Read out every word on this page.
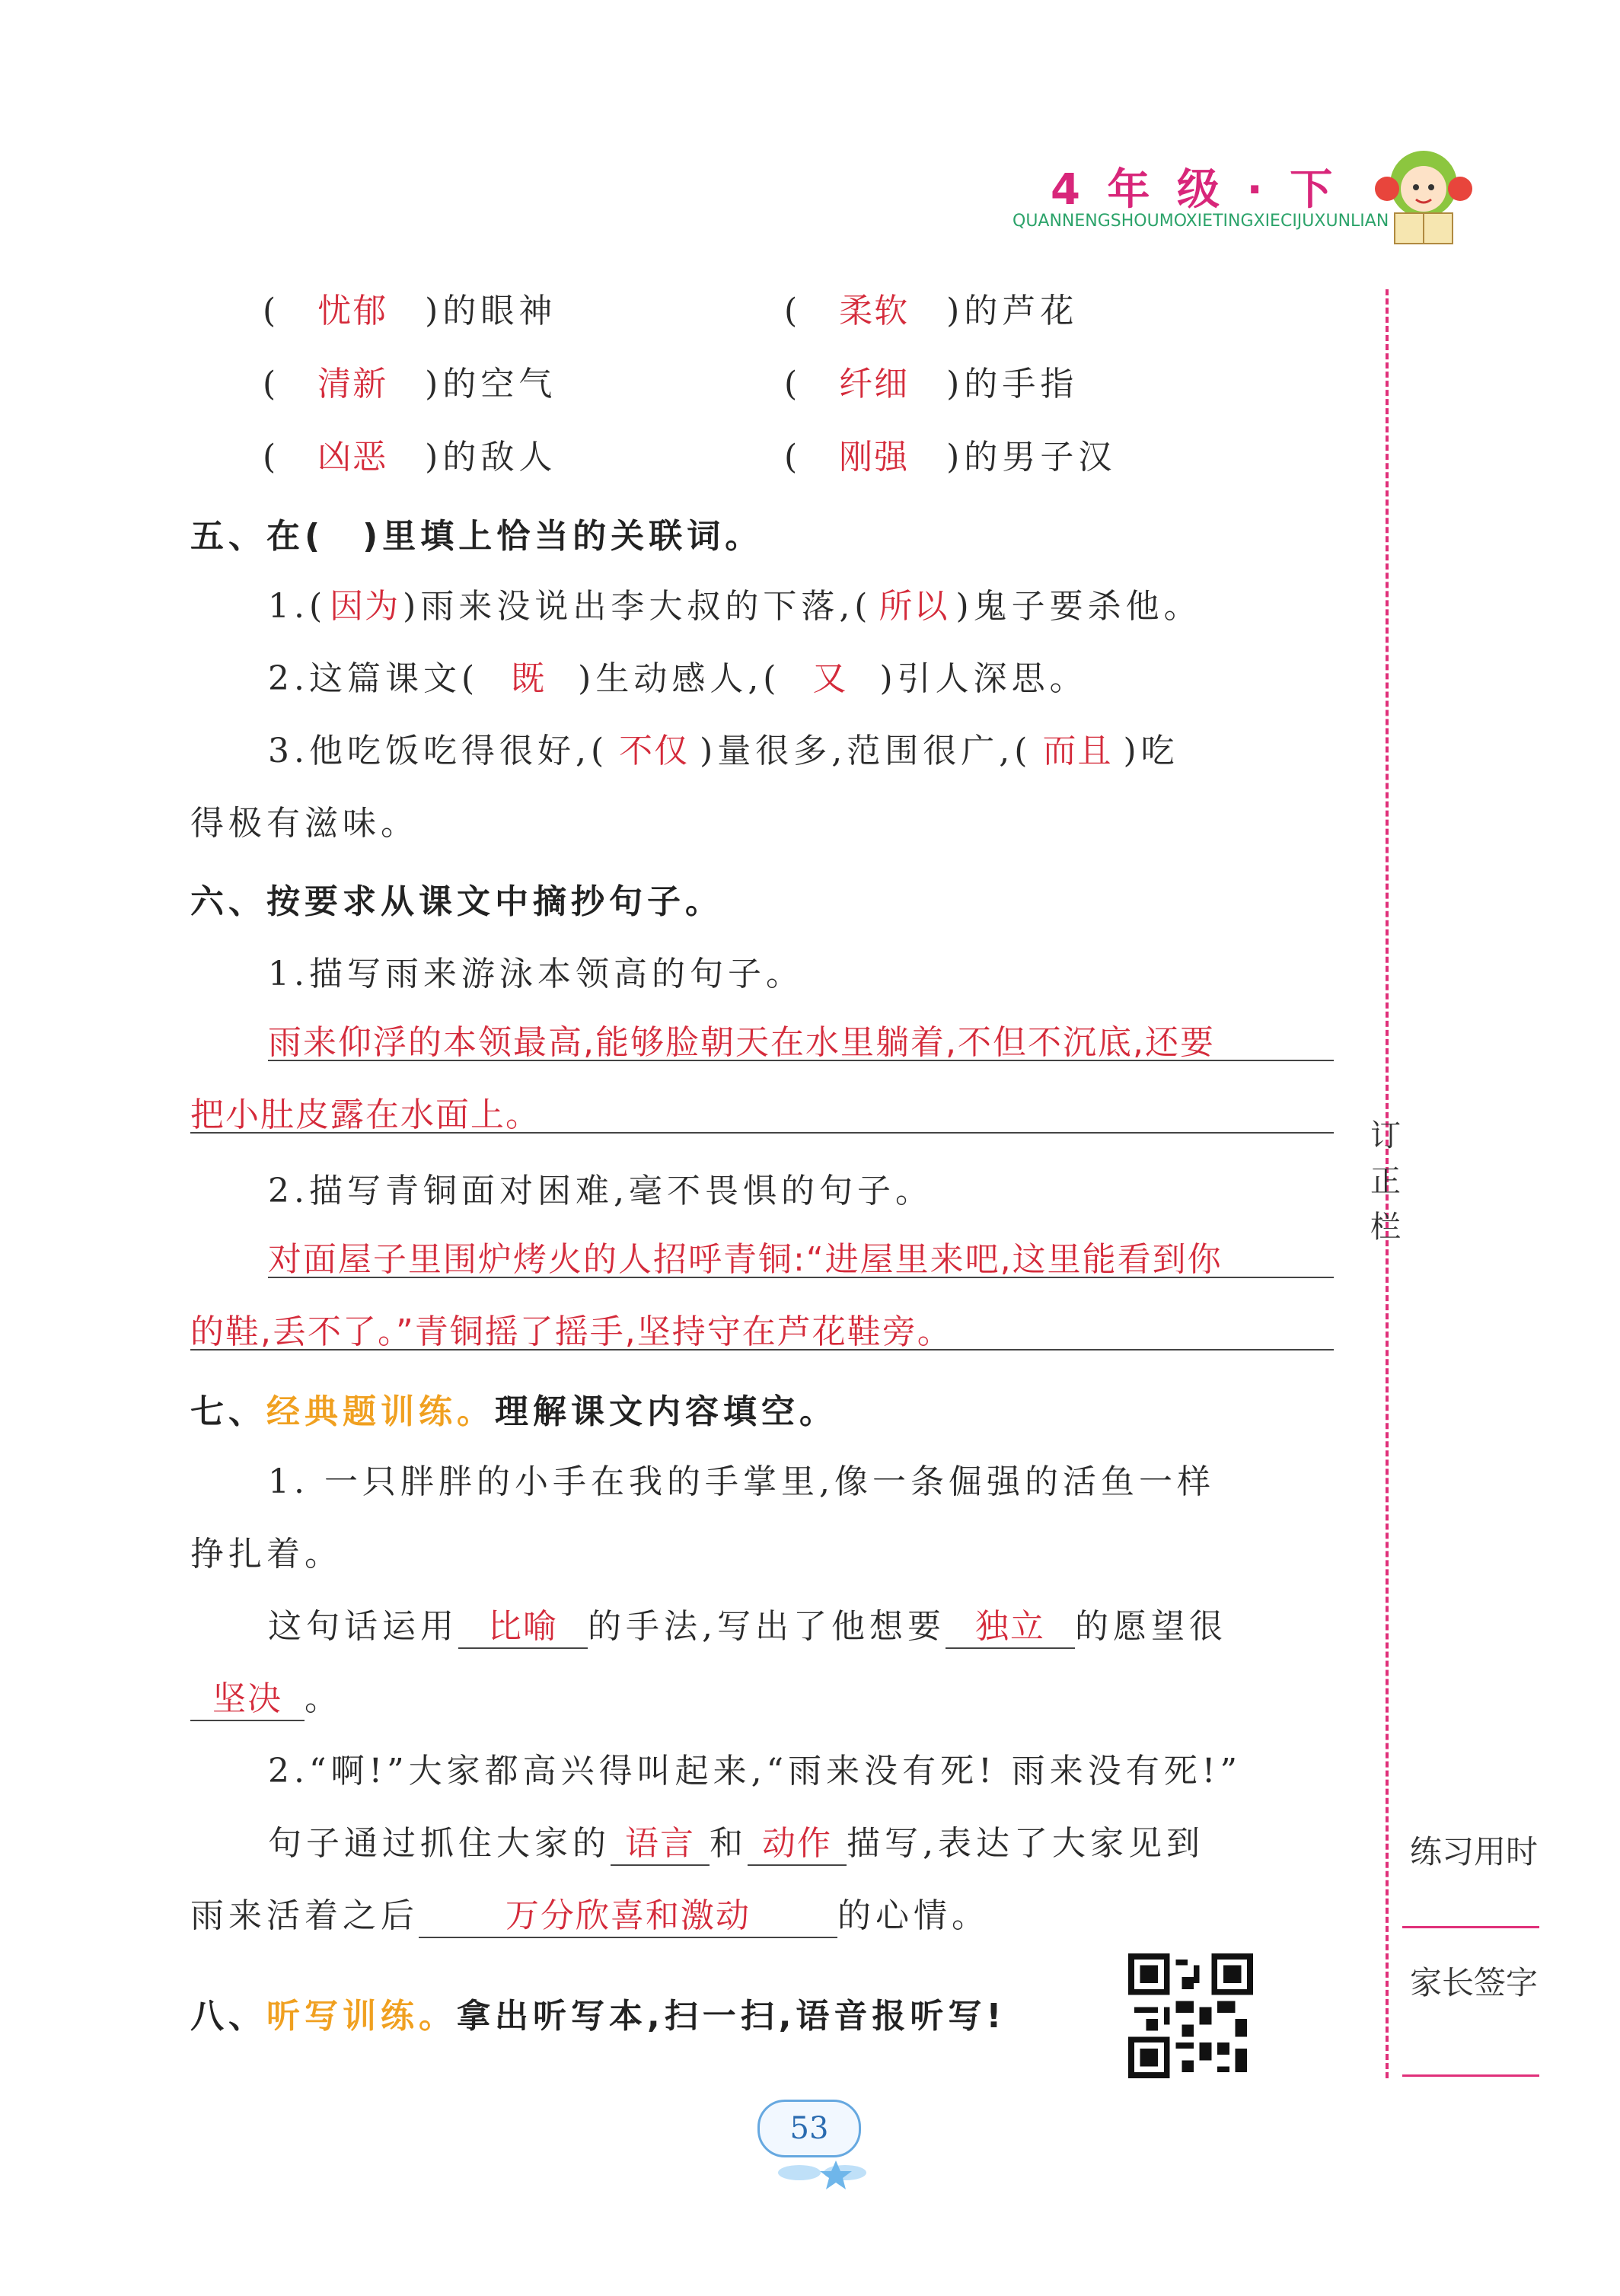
4 年 级 · 下
QUANNENGSHOUMOXIETINGXIECIJUXUNLIAN
订
正
栏
练习用时
家长签字
( 忧郁 )的眼神	( 柔软 )的芦花
( 清新 )的空气	( 纤细 )的手指
( 凶恶 )的敌人	( 刚强 )的男子汉
五、在(　)里填上恰当的关联词。
1.(因为)雨来没说出李大叔的下落,( 所以 )鬼子要杀他。
2.这篇课文( 既 )生动感人,( 又 )引人深思。
3.他吃饭吃得很好,( 不仅 )量很多,范围很广,( 而且 )吃
得极有滋味。
六、按要求从课文中摘抄句子。
1.描写雨来游泳本领高的句子。
雨来仰浮的本领最高,能够脸朝天在水里躺着,不但不沉底,还要
把小肚皮露在水面上。
2.描写青铜面对困难,毫不畏惧的句子。
对面屋子里围炉烤火的人招呼青铜:“进屋里来吧,这里能看到你
的鞋,丢不了。”青铜摇了摇手,坚持守在芦花鞋旁。
七、经典题训练。理解课文内容填空。
1. 一只胖胖的小手在我的手掌里,像一条倔强的活鱼一样
挣扎着。
这句话运用 比喻 的手法,写出了他想要 独立 的愿望很
坚决 。
2.“啊!”大家都高兴得叫起来,“雨来没有死! 雨来没有死!”
句子通过抓住大家的 语言 和 动作 描写,表达了大家见到
雨来活着之后	万分欣喜和激动	的心情。
八、听写训练。拿出听写本,扫一扫,语音报听写!
53
